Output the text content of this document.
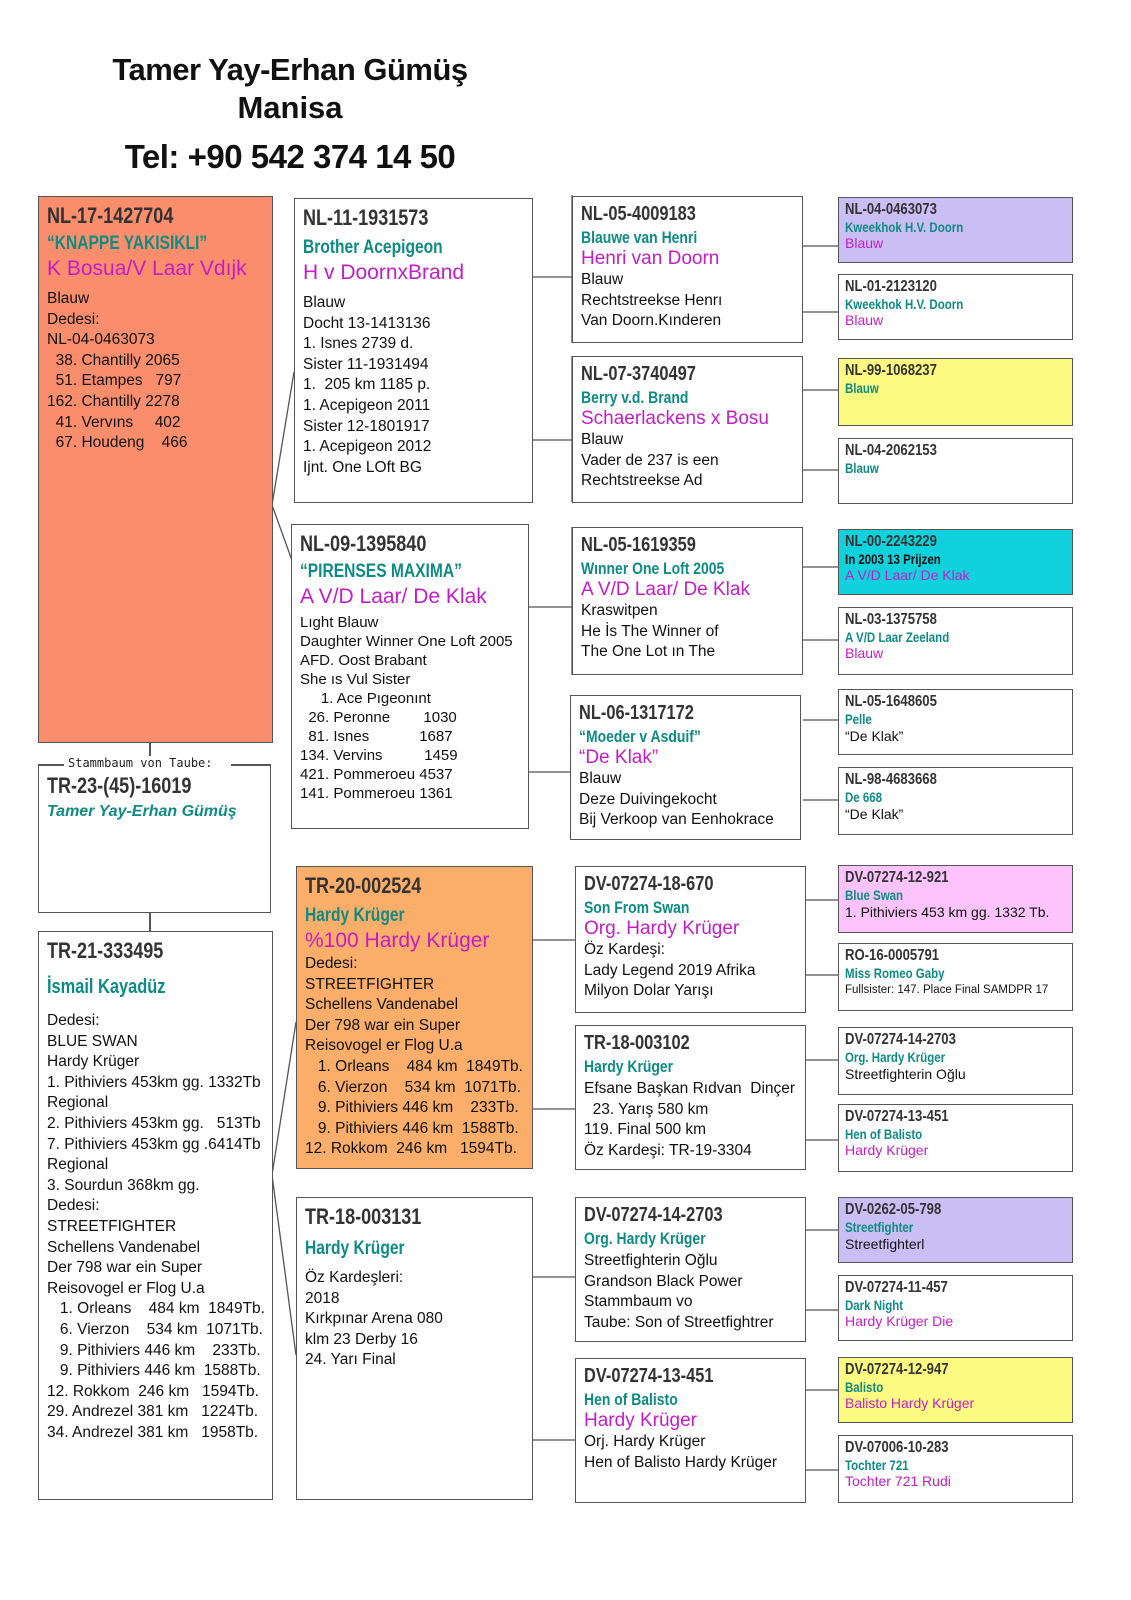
Tamer Yay-Erhan Gümüş
Manisa
Tel: +90 542 374 14 50
NL-17-1427704
“KNAPPE YAKISIKLI”
K Bosua/V Laar Vdıjk
Blauw
Dedesi:
NL-04-0463073
38. Chantilly 2065
51. Etampes   797
162. Chantilly 2278
41. Vervıns     402
67. Houdeng    466
TR-23-(45)-16019
Tamer Yay-Erhan Gümüş
Stammbaum von Taube:
TR-21-333495
İsmail Kayadüz
Dedesi:
BLUE SWAN
Hardy Krüger
1. Pithiviers 453km gg. 1332Tb
Regional
2. Pithiviers 453km gg.   513Tb
7. Pithiviers 453km gg .6414Tb
Regional
3. Sourdun 368km gg.
Dedesi:
STREETFIGHTER
Schellens Vandenabel
Der 798 war ein Super
Reisovogel er Flog U.a
1. Orleans    484 km  1849Tb.
6. Vierzon    534 km  1071Tb.
9. Pithiviers 446 km    233Tb.
9. Pithiviers 446 km  1588Tb.
12. Rokkom  246 km   1594Tb.
29. Andrezel 381 km   1224Tb.
34. Andrezel 381 km   1958Tb.
NL-11-1931573
Brother Acepigeon
H v DoornxBrand
Blauw
Docht 13-1413136
1. Isnes 2739 d.
Sister 11-1931494
1.  205 km 1185 p.
1. Acepigeon 2011
Sister 12-1801917
1. Acepigeon 2012
Ijnt. One LOft BG
NL-09-1395840
“PIRENSES MAXIMA”
A V/D Laar/ De Klak
Lıght Blauw
Daughter Winner One Loft 2005
AFD. Oost Brabant
She ıs Vul Sister
1. Ace Pıgeonınt
26. Peronne        1030
81. Isnes            1687
134. Vervins          1459
421. Pommeroeu 4537
141. Pommeroeu 1361
TR-20-002524
Hardy Krüger
%100 Hardy Krüger
Dedesi:
STREETFIGHTER
Schellens Vandenabel
Der 798 war ein Super
Reisovogel er Flog U.a
1. Orleans    484 km  1849Tb.
6. Vierzon    534 km  1071Tb.
9. Pithiviers 446 km    233Tb.
9. Pithiviers 446 km  1588Tb.
12. Rokkom  246 km   1594Tb.
TR-18-003131
Hardy Krüger
Öz Kardeşleri:
2018
Kırkpınar Arena 080
klm 23 Derby 16
24. Yarı Final
NL-05-4009183
Blauwe van Henri
Henri van Doorn
Blauw
Rechtstreekse Henrı
Van Doorn.Kınderen
NL-07-3740497
Berry v.d. Brand
Schaerlackens x Bosu
Blauw
Vader de 237 is een
Rechtstreekse Ad
NL-05-1619359
Wınner One Loft 2005
A V/D Laar/ De Klak
Kraswitpen
He İs The Winner of
The One Lot ın The
NL-06-1317172
“Moeder v Asduif”
“De Klak”
Blauw
Deze Duivingekocht
Bij Verkoop van Eenhokrace
DV-07274-18-670
Son From Swan
Org. Hardy Krüger
Öz Kardeşi:
Lady Legend 2019 Afrika
Milyon Dolar Yarışı
TR-18-003102
Hardy Krüger
Efsane Başkan Rıdvan  Dinçer
23. Yarış 580 km
119. Final 500 km
Öz Kardeşi: TR-19-3304
DV-07274-14-2703
Org. Hardy Krüger
Streetfighterin Oğlu
Grandson Black Power
Stammbaum vo
Taube: Son of Streetfightrer
DV-07274-13-451
Hen of Balisto
Hardy Krüger
Orj. Hardy Krüger
Hen of Balisto Hardy Krüger
NL-04-0463073
Kweekhok H.V. Doorn
Blauw
NL-01-2123120
Kweekhok H.V. Doorn
Blauw
NL-99-1068237
Blauw
NL-04-2062153
Blauw
NL-00-2243229
In 2003 13 Prijzen
A V/D Laar/ De Klak
NL-03-1375758
A V/D Laar Zeeland
Blauw
NL-05-1648605
Pelle
“De Klak”
NL-98-4683668
De 668
“De Klak”
DV-07274-12-921
Blue Swan
1. Pithiviers 453 km gg. 1332 Tb.
RO-16-0005791
Miss Romeo Gaby
Fullsister: 147. Place Final SAMDPR 17
DV-07274-14-2703
Org. Hardy Krüger
Streetfighterin Oğlu
DV-07274-13-451
Hen of Balisto
Hardy Krüger
DV-0262-05-798
Streetfighter
Streetfighterl
DV-07274-11-457
Dark Night
Hardy Krüger Die
DV-07274-12-947
Balisto
Balisto Hardy Krüger
DV-07006-10-283
Tochter 721
Tochter 721 Rudi
